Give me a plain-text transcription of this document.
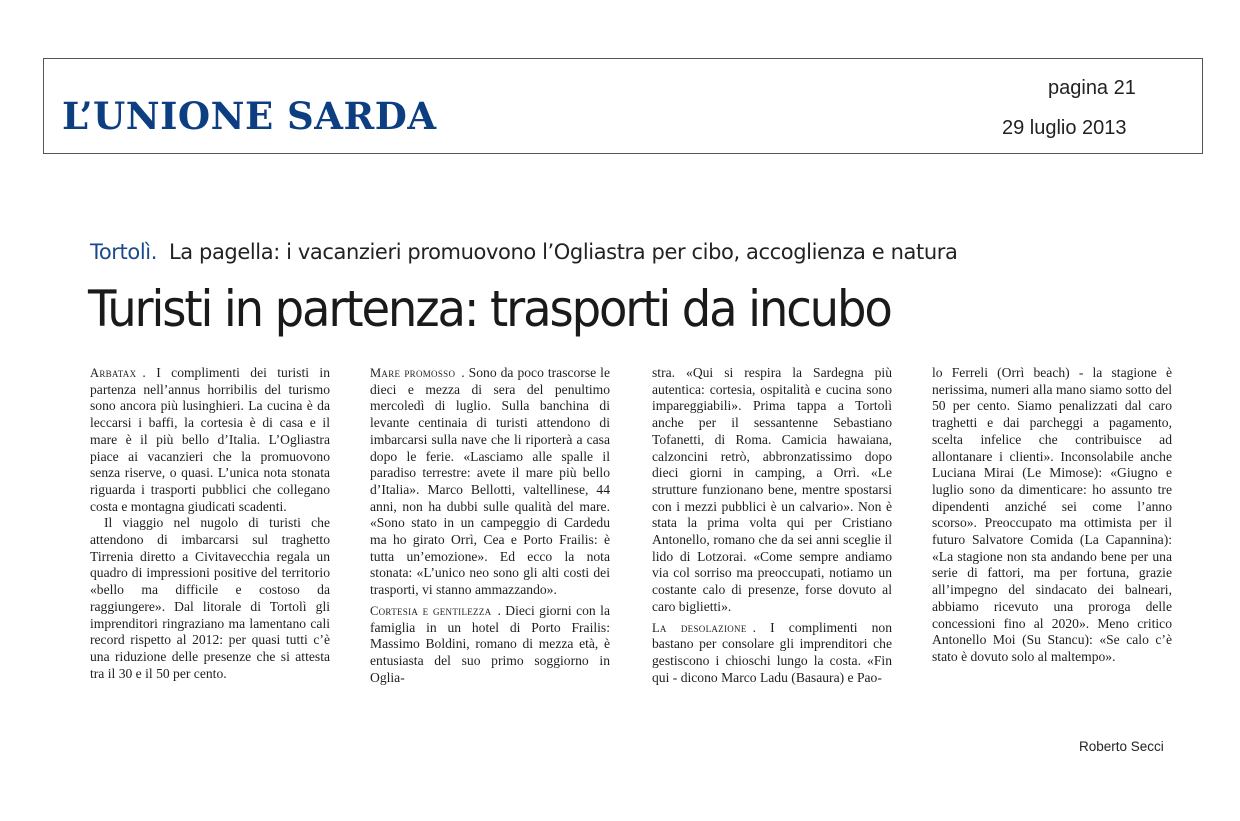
L’UNIONE SARDA
pagina 21
29 luglio 2013
Tortolì. La pagella: i vacanzieri promuovono l’Ogliastra per cibo, accoglienza e natura
Turisti in partenza: trasporti da incubo

Arbatax . I complimenti dei turisti in partenza nell’annus horribilis del turismo sono ancora più lusinghieri. La cucina è da leccarsi i baffi, la cortesia è di casa e il mare è il più bello d’Italia. L’Ogliastra piace ai vacanzieri che la promuovono senza riserve, o quasi. L’unica nota stonata riguarda i trasporti pubblici che collegano costa e montagna giudicati scadenti.

Il viaggio nel nugolo di turisti che attendono di imbarcarsi sul traghetto Tirrenia diretto a Civitavecchia regala un quadro di impressioni positive del territorio «bello ma difficile e costoso da raggiungere». Dal litorale di Tortolì gli imprenditori ringraziano ma lamentano cali record rispetto al 2012: per quasi tutti c’è una riduzione delle presenze che si attesta tra il 30 e il 50 per cento.

Mare promosso . Sono da poco trascorse le dieci e mezza di sera del penultimo mercoledì di luglio. Sulla banchina di levante centinaia di turisti attendono di imbarcarsi sulla nave che li riporterà a casa dopo le ferie. «Lasciamo alle spalle il paradiso terrestre: avete il mare più bello d’Italia». Marco Bellotti, valtellinese, 44 anni, non ha dubbi sulle qualità del mare. «Sono stato in un campeggio di Cardedu ma ho girato Orrì, Cea e Porto Frailis: è tutta un’emozione». Ed ecco la nota stonata: «L’unico neo sono gli alti costi dei trasporti, vi stanno ammazzando».

Cortesia e gentilezza . Dieci giorni con la famiglia in un hotel di Porto Frailis: Massimo Boldini, romano di mezza età, è entusiasta del suo primo soggiorno in Oglia-

stra. «Qui si respira la Sardegna più autentica: cortesia, ospitalità e cucina sono impareggiabili». Prima tappa a Tortolì anche per il sessantenne Sebastiano Tofanetti, di Roma. Camicia hawaiana, calzoncini retrò, abbronzatissimo dopo dieci giorni in camping, a Orrì. «Le strutture funzionano bene, mentre spostarsi con i mezzi pubblici è un calvario». Non è stata la prima volta qui per Cristiano Antonello, romano che da sei anni sceglie il lido di Lotzorai. «Come sempre andiamo via col sorriso ma preoccupati, notiamo un costante calo di presenze, forse dovuto al caro biglietti».

La desolazione . I complimenti non bastano per consolare gli imprenditori che gestiscono i chioschi lungo la costa. «Fin qui - dicono Marco Ladu (Basaura) e Pao-

lo Ferreli (Orrì beach) - la stagione è nerissima, numeri alla mano siamo sotto del 50 per cento. Siamo penalizzati dal caro traghetti e dai parcheggi a pagamento, scelta infelice che contribuisce ad allontanare i clienti». Inconsolabile anche Luciana Mirai (Le Mimose): «Giugno e luglio sono da dimenticare: ho assunto tre dipendenti anziché sei come l’anno scorso». Preoccupato ma ottimista per il futuro Salvatore Comida (La Capannina): «La stagione non sta andando bene per una serie di fattori, ma per fortuna, grazie all’impegno del sindacato dei balneari, abbiamo ricevuto una proroga delle concessioni fino al 2020». Meno critico Antonello Moi (Su Stancu): «Se calo c’è stato è dovuto solo al maltempo».

Roberto Secci
